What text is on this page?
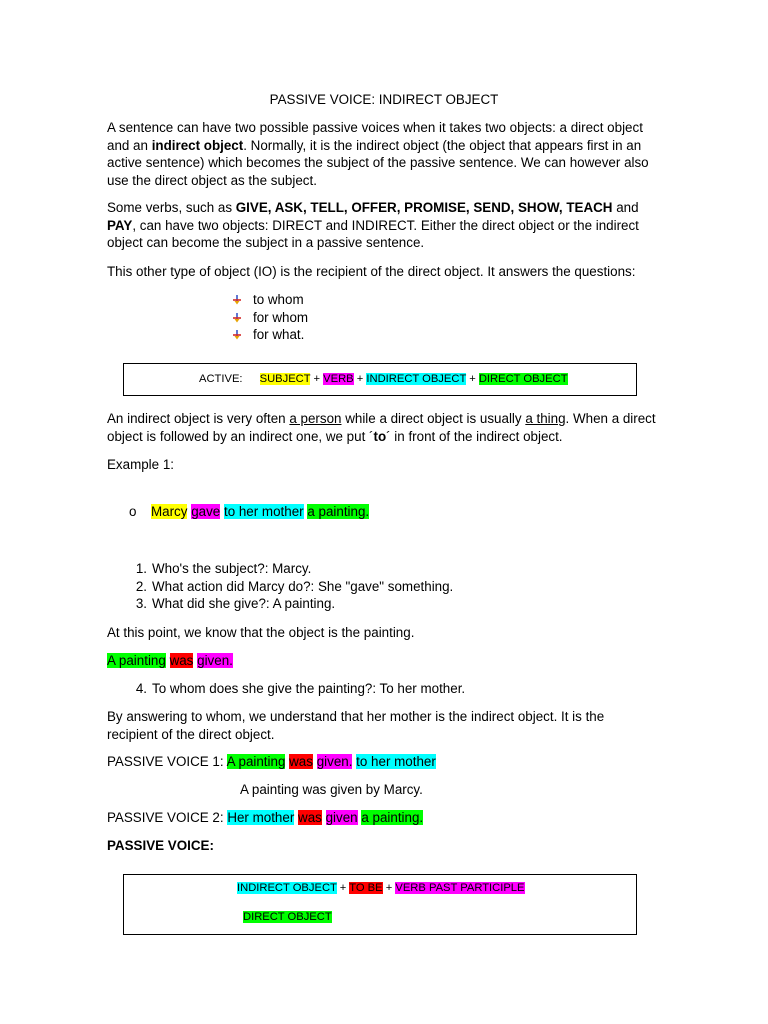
PASSIVE VOICE: INDIRECT OBJECT

A sentence can have two possible passive voices when it takes two objects: a direct object and an indirect object. Normally, it is the indirect object (the object that appears first in an active sentence) which becomes the subject of the passive sentence. We can however also use the direct object as the subject.

Some verbs, such as GIVE, ASK, TELL, OFFER, PROMISE, SEND, SHOW, TEACH and PAY, can have two objects: DIRECT and INDIRECT. Either the direct object or the indirect object can become the subject in a passive sentence.

This other type of object (IO) is the recipient of the direct object. It answers the questions:

to whom
for whom
for what.
ACTIVE: SUBJECT + VERB + INDIRECT OBJECT + DIRECT OBJECT

An indirect object is very often a person while a direct object is usually a thing. When a direct object is followed by an indirect one, we put ´to´ in front of the indirect object.

Example 1:

o Marcy gave to her mother a painting.

1. Who's the subject?: Marcy.
2. What action did Marcy do?: She "gave" something.
3. What did she give?: A painting.

At this point, we know that the object is the painting.

A painting was given.

4. To whom does she give the painting?: To her mother.

By answering to whom, we understand that her mother is the indirect object. It is the recipient of the direct object.

PASSIVE VOICE 1: A painting was given. to her mother

A painting was given by Marcy.

PASSIVE VOICE 2: Her mother was given a painting.

PASSIVE VOICE:

INDIRECT OBJECT + TO BE + VERB PAST PARTICIPLE
DIRECT OBJECT
